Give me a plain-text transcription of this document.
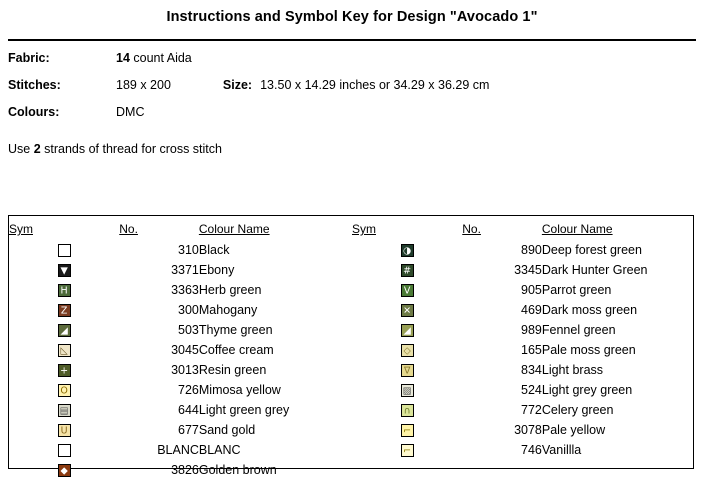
Instructions and Symbol Key for Design "Avocado 1"
Fabric:	14 count Aida
Stitches:	189 x 200	Size: 13.50 x 14.29 inches or 34.29 x 36.29 cm
Colours:	DMC
Use 2 strands of thread for cross stitch
Sym	No.	Colour Name

	310	Black

▼	3371	Ebony

H	3363	Herb green

Z	300	Mahogany

◢	503	Thyme green

◺	3045	Coffee cream

+	3013	Resin green

O	726	Mimosa yellow

▤	644	Light green grey

U	677	Sand gold

	BLANC	BLANC

◆	3826	Golden brown
Sym	No.	Colour Name

◑	890	Deep forest green

#	3345	Dark Hunter Green

V	905	Parrot green

✕	469	Dark moss green

◢	989	Fennel green

◇	165	Pale moss green

∇	834	Light brass

▨	524	Light grey green

∩	772	Celery green

⌐	3078	Pale yellow

⌐	746	Vanillla
